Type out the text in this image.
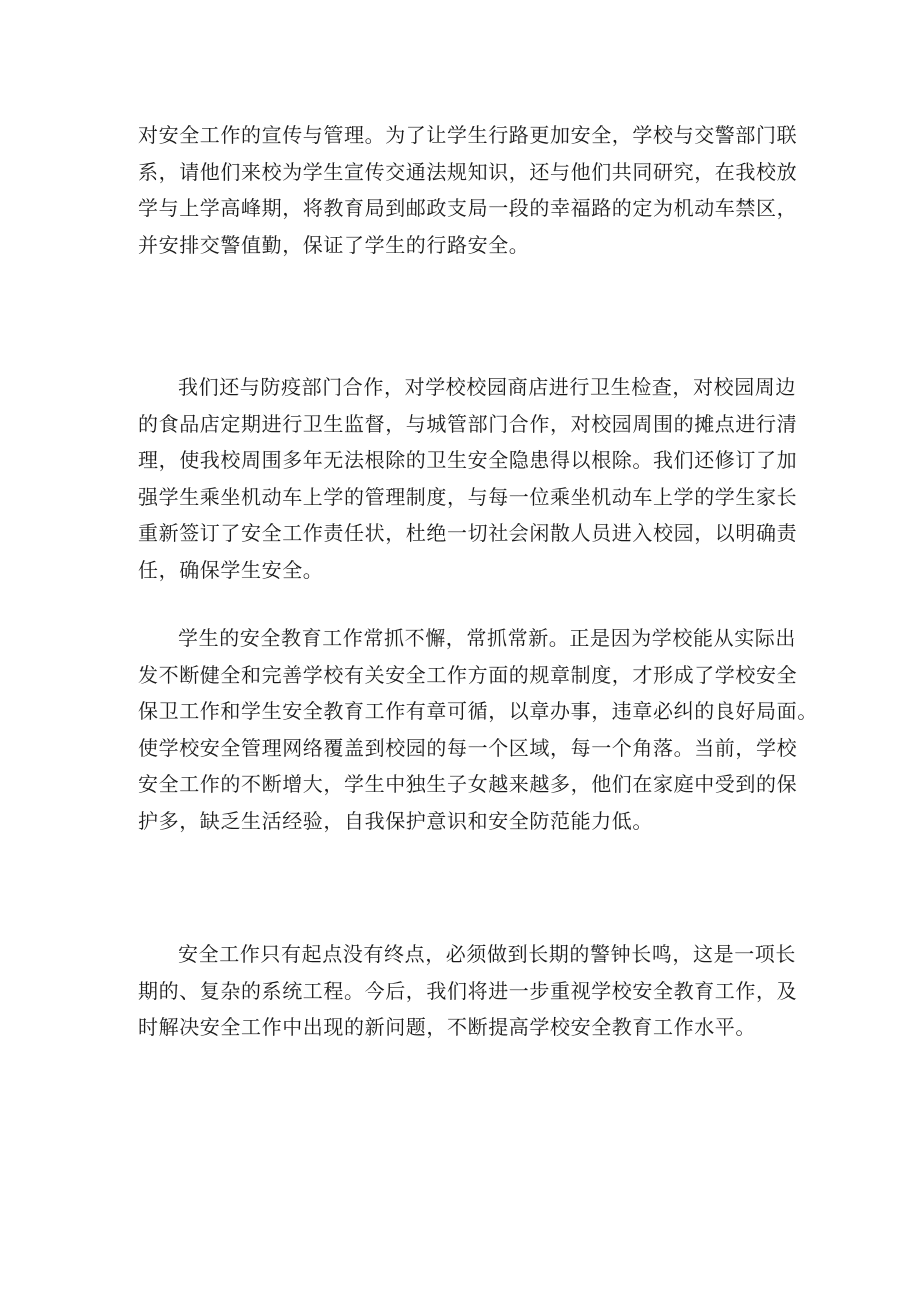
对安全工作的宣传与管理。为了让学生行路更加安全，学校与交警部门联
系，请他们来校为学生宣传交通法规知识，还与他们共同研究，在我校放
学与上学高峰期，将教育局到邮政支局一段的幸福路的定为机动车禁区，
并安排交警值勤，保证了学生的行路安全。
我们还与防疫部门合作，对学校校园商店进行卫生检查，对校园周边
的食品店定期进行卫生监督，与城管部门合作，对校园周围的摊点进行清
理，使我校周围多年无法根除的卫生安全隐患得以根除。我们还修订了加
强学生乘坐机动车上学的管理制度，与每一位乘坐机动车上学的学生家长
重新签订了安全工作责任状，杜绝一切社会闲散人员进入校园，以明确责
任，确保学生安全。
学生的安全教育工作常抓不懈，常抓常新。正是因为学校能从实际出
发不断健全和完善学校有关安全工作方面的规章制度，才形成了学校安全
保卫工作和学生安全教育工作有章可循，以章办事，违章必纠的良好局面。
使学校安全管理网络覆盖到校园的每一个区域，每一个角落。当前，学校
安全工作的不断增大，学生中独生子女越来越多，他们在家庭中受到的保
护多，缺乏生活经验，自我保护意识和安全防范能力低。
安全工作只有起点没有终点，必须做到长期的警钟长鸣，这是一项长
期的、复杂的系统工程。今后，我们将进一步重视学校安全教育工作，及
时解决安全工作中出现的新问题，不断提高学校安全教育工作水平。
